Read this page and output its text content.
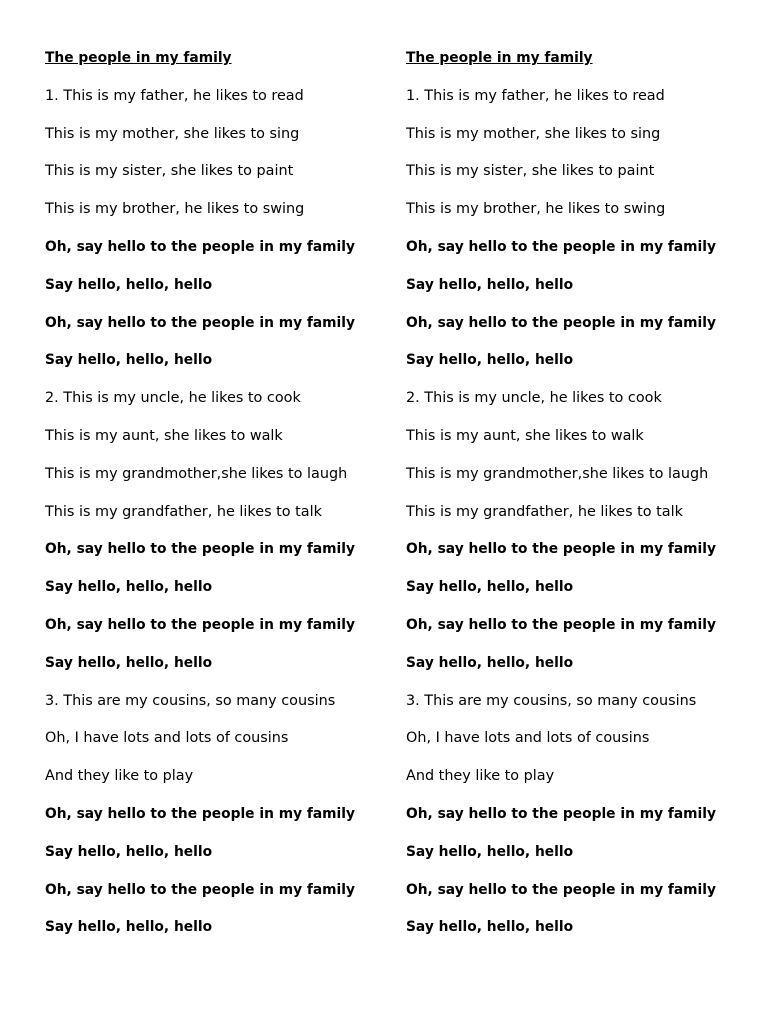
The people in my family
1. This is my father, he likes to read
This is my mother, she likes to sing
This is my sister, she likes to paint
This is my brother, he likes to swing
Oh, say hello to the people in my family
Say hello, hello, hello
Oh, say hello to the people in my family
Say hello, hello, hello
2. This is my uncle, he likes to cook
This is my aunt, she likes to walk
This is my grandmother,she likes to laugh
This is my grandfather, he likes to talk
Oh, say hello to the people in my family
Say hello, hello, hello
Oh, say hello to the people in my family
Say hello, hello, hello
3. This are my cousins, so many cousins
Oh, I have lots and lots of cousins
And they like to play
Oh, say hello to the people in my family
Say hello, hello, hello
Oh, say hello to the people in my family
Say hello, hello, hello
The people in my family
1. This is my father, he likes to read
This is my mother, she likes to sing
This is my sister, she likes to paint
This is my brother, he likes to swing
Oh, say hello to the people in my family
Say hello, hello, hello
Oh, say hello to the people in my family
Say hello, hello, hello
2. This is my uncle, he likes to cook
This is my aunt, she likes to walk
This is my grandmother,she likes to laugh
This is my grandfather, he likes to talk
Oh, say hello to the people in my family
Say hello, hello, hello
Oh, say hello to the people in my family
Say hello, hello, hello
3. This are my cousins, so many cousins
Oh, I have lots and lots of cousins
And they like to play
Oh, say hello to the people in my family
Say hello, hello, hello
Oh, say hello to the people in my family
Say hello, hello, hello
